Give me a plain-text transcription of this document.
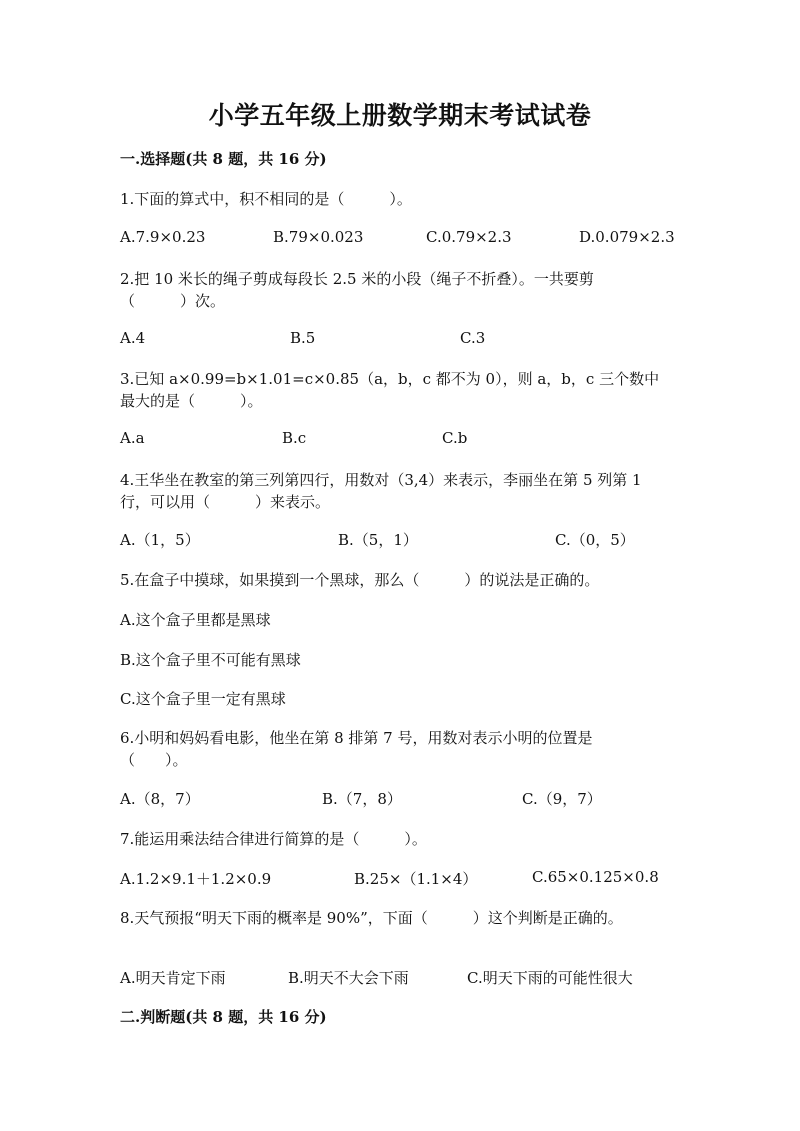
小学五年级上册数学期末考试试卷
一.选择题(共 8 题，共 16 分)
1.下面的算式中，积不相同的是（　　　）。
A.7.9×0.23	B.79×0.023	C.0.79×2.3	D.0.079×2.3
2.把 10 米长的绳子剪成每段长 2.5 米的小段（绳子不折叠）。一共要剪
（　　　）次。
A.4	B.5	C.3
3.已知 a×0.99=b×1.01=c×0.85（a，b，c 都不为 0），则 a，b，c 三个数中
最大的是（　　　）。
A.a	B.c	C.b
4.王华坐在教室的第三列第四行，用数对（3,4）来表示，李丽坐在第 5 列第 1
行，可以用（　　　）来表示。
A.（1，5）	B.（5，1）	C.（0，5）
5.在盒子中摸球，如果摸到一个黑球，那么（　　　）的说法是正确的。
A.这个盒子里都是黑球
B.这个盒子里不可能有黑球
C.这个盒子里一定有黑球
6.小明和妈妈看电影，他坐在第 8 排第 7 号，用数对表示小明的位置是
（　　）。
A.（8，7）	B.（7，8）	C.（9，7）
7.能运用乘法结合律进行简算的是（　　　）。
A.1.2×9.1＋1.2×0.9	B.25×（1.1×4）	C.65×0.125×0.8
8.天气预报“明天下雨的概率是 90%”，下面（　　　）这个判断是正确的。
A.明天肯定下雨	B.明天不大会下雨	C.明天下雨的可能性很大
二.判断题(共 8 题，共 16 分)
